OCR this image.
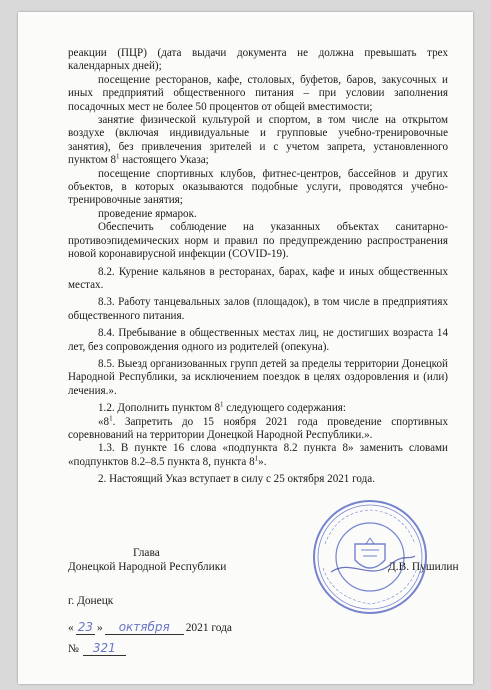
реакции (ПЦР) (дата выдачи документа не должна превышать трех календарных дней);

посещение ресторанов, кафе, столовых, буфетов, баров, закусочных и иных предприятий общественного питания – при условии заполнения посадочных мест не более 50 процентов от общей вместимости;

занятие физической культурой и спортом, в том числе на открытом воздухе (включая индивидуальные и групповые учебно-тренировочные занятия), без привлечения зрителей и с учетом запрета, установленного пунктом $8^1$ настоящего Указа;

посещение спортивных клубов, фитнес-центров, бассейнов и других объектов, в которых оказываются подобные услуги, проводятся учебно-тренировочные занятия;

проведение ярмарок.

Обеспечить соблюдение на указанных объектах санитарно-противоэпидемических норм и правил по предупреждению распространения новой коронавирусной инфекции (COVID-19).

8.2. Курение кальянов в ресторанах, барах, кафе и иных общественных местах.

8.3. Работу танцевальных залов (площадок), в том числе в предприятиях общественного питания.

8.4. Пребывание в общественных местах лиц, не достигших возраста 14 лет, без сопровождения одного из родителей (опекуна).

8.5. Выезд организованных групп детей за пределы территории Донецкой Народной Республики, за исключением поездок в целях оздоровления и (или) лечения.».

1.2. Дополнить пунктом $8^1$ следующего содержания:

«$8^1$. Запретить до 15 ноября 2021 года проведение спортивных соревнований на территории Донецкой Народной Республики.».

1.3. В пункте 16 слова «подпункта 8.2 пункта 8» заменить словами «подпунктов 8.2–8.5 пункта 8, пункта $8^1$».

2. Настоящий Указ вступает в силу с 25 октября 2021 года.

Глава
Донецкой Народной Республики	Д.В. Пушилин
г. Донецк
« 23 »	октября	2021 года
№	321
